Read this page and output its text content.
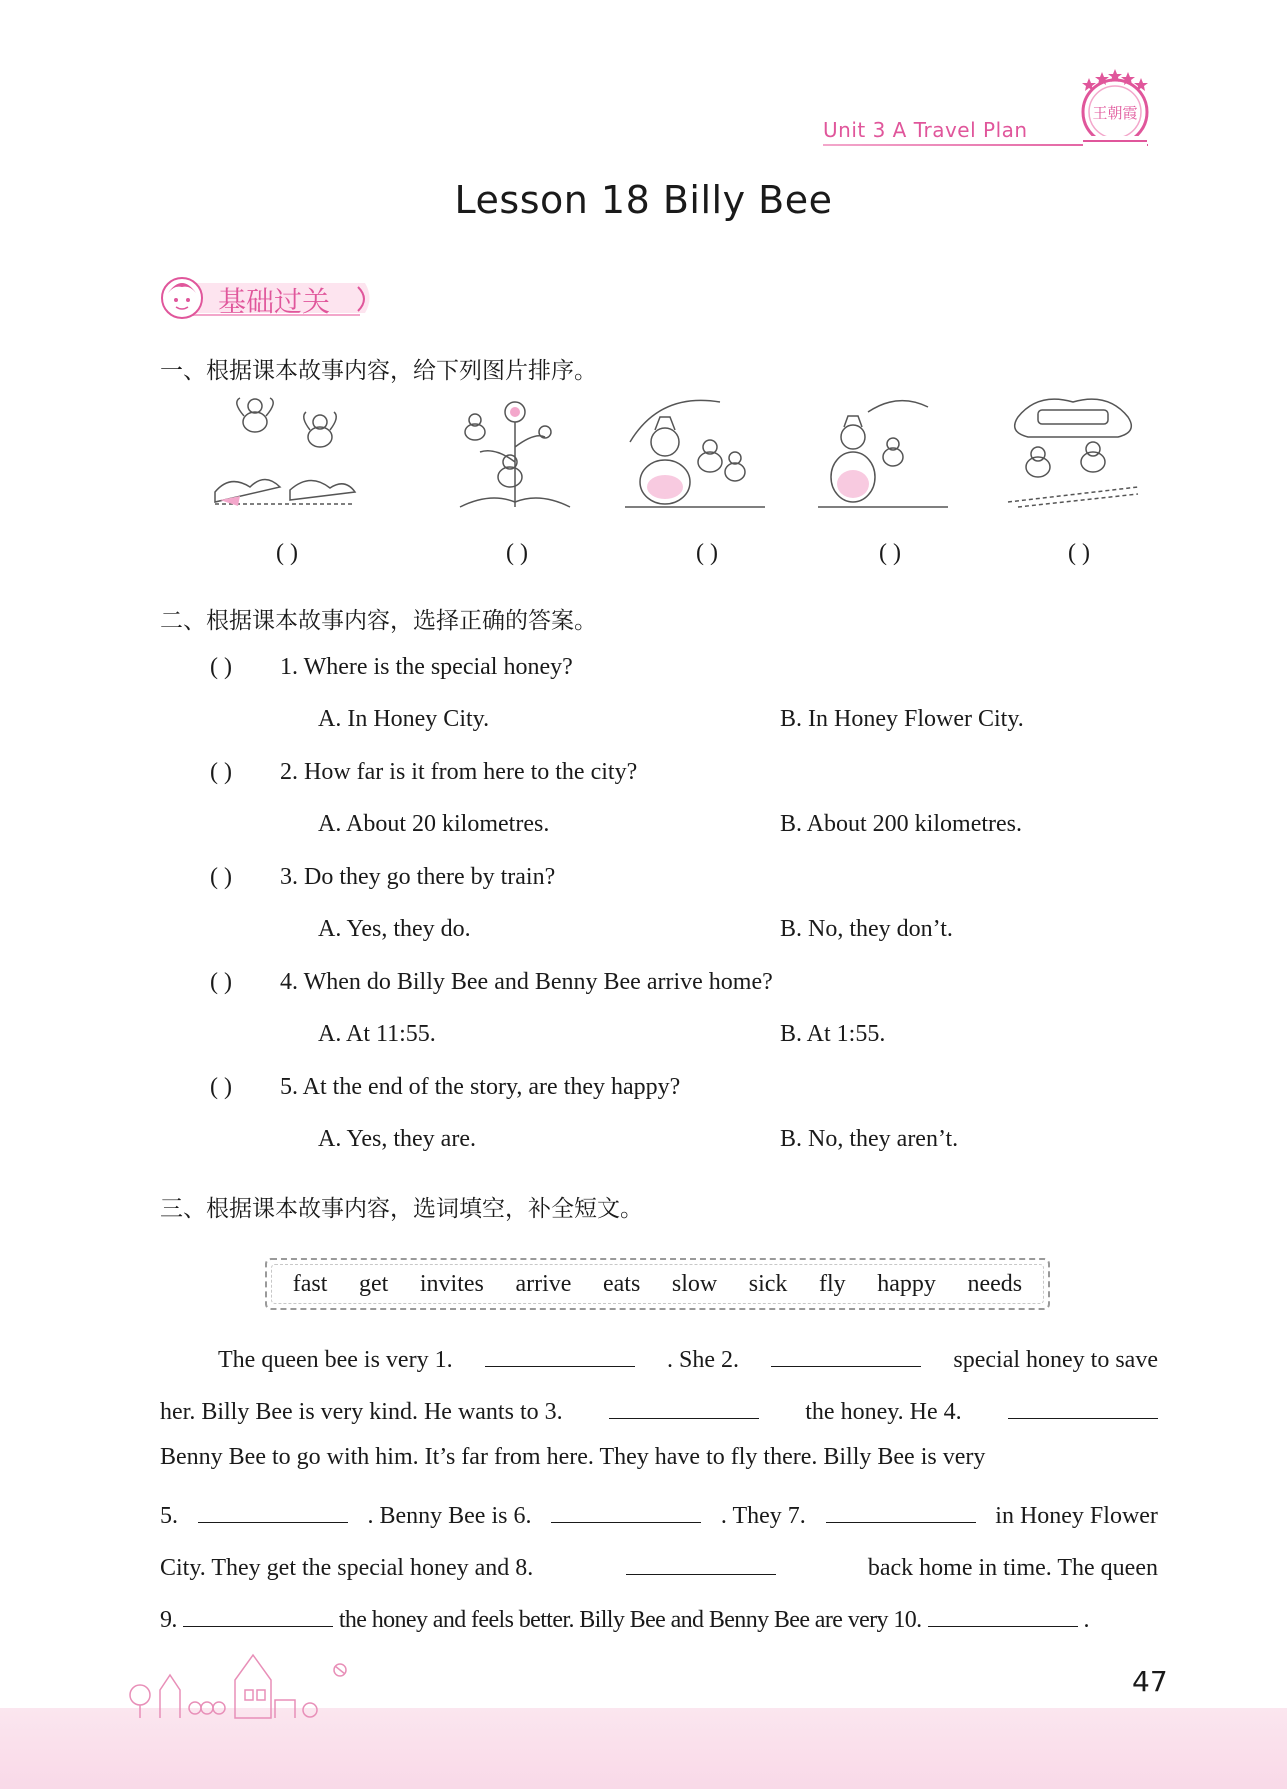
Unit 3 A Travel Plan
王朝霞
Lesson 18 Billy Bee
基础过关
一、根据课本故事内容，给下列图片排序。
( )	( )	( )	( )	( )
二、根据课本故事内容，选择正确的答案。
( ) 1. Where is the special honey?
A. In Honey City.	B. In Honey Flower City.
( ) 2. How far is it from here to the city?
A. About 20 kilometres.	B. About 200 kilometres.
( ) 3. Do they go there by train?
A. Yes, they do.	B. No, they don’t.
( ) 4. When do Billy Bee and Benny Bee arrive home?
A. At 11:55.	B. At 1:55.
( ) 5. At the end of the story, are they happy?
A. Yes, they are.	B. No, they aren’t.
三、根据课本故事内容，选词填空，补全短文。
fast get invites arrive eats slow sick fly happy needs
The queen bee is very 1.	. She 2.	special honey to save
her. Billy Bee is very kind. He wants to 3.	the honey. He 4.
Benny Bee to go with him. It’s far from here. They have to fly there. Billy Bee is very
5.	. Benny Bee is 6.	. They 7.	in Honey Flower
City. They get the special honey and 8.	back home in time. The queen
9.	the honey and feels better. Billy Bee and Benny Bee are very 10.	.
47
